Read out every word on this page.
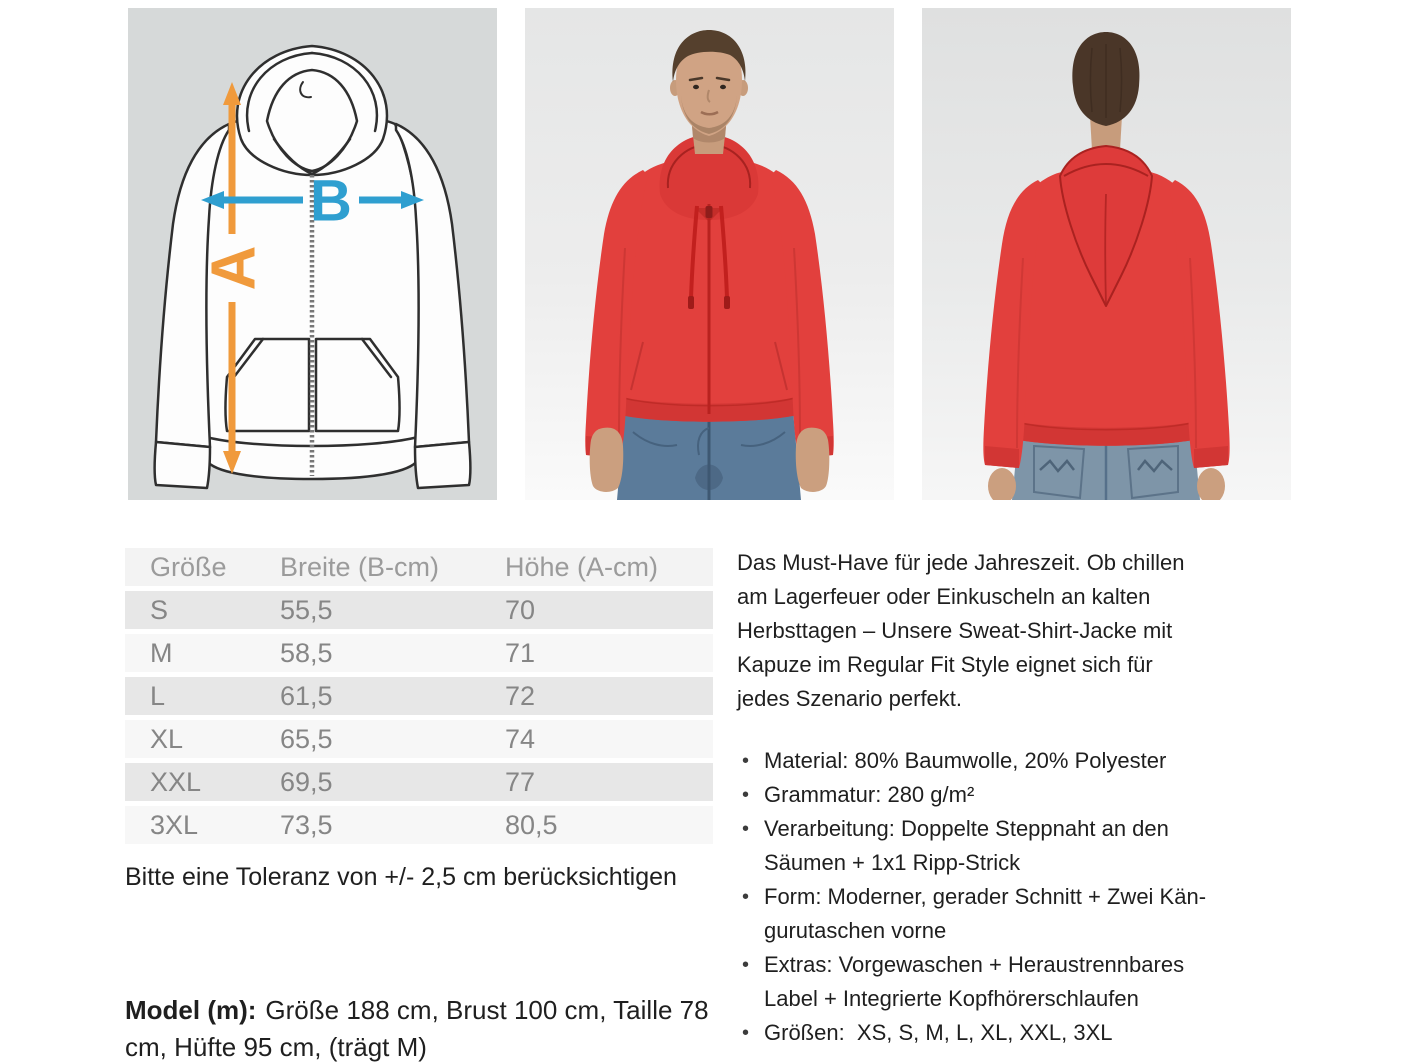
A
B
Größe	Breite (B-cm)	Höhe (A-cm)
S	55,5	70
M	58,5	71
L	61,5	72
XL	65,5	74
XXL	69,5	77
3XL	73,5	80,5
Bitte eine Toleranz von +/- 2,5 cm berücksichtigen
Model (m): Größe 188 cm, Brust 100 cm, Taille 78 cm, Hüfte 95 cm, (trägt M)

Das Must-Have für jede Jahreszeit. Ob chillen am Lagerfeuer oder Einkuscheln an kalten Herbsttagen – Unsere Sweat-Shirt-Jacke mit Kapuze im Regular Fit Style eignet sich für jedes Szenario perfekt.

• Material: 80% Baumwolle, 20% Polyester
• Grammatur: 280 g/m²
• Verarbeitung: Doppelte Steppnaht an den Säumen + 1x1 Ripp-Strick
• Form: Moderner, gerader Schnitt + Zwei Kängurutaschen vorne
• Extras: Vorgewaschen + Heraustrennbares Label + Integrierte Kopfhörerschlaufen
• Größen:  XS, S, M, L, XL, XXL, 3XL
